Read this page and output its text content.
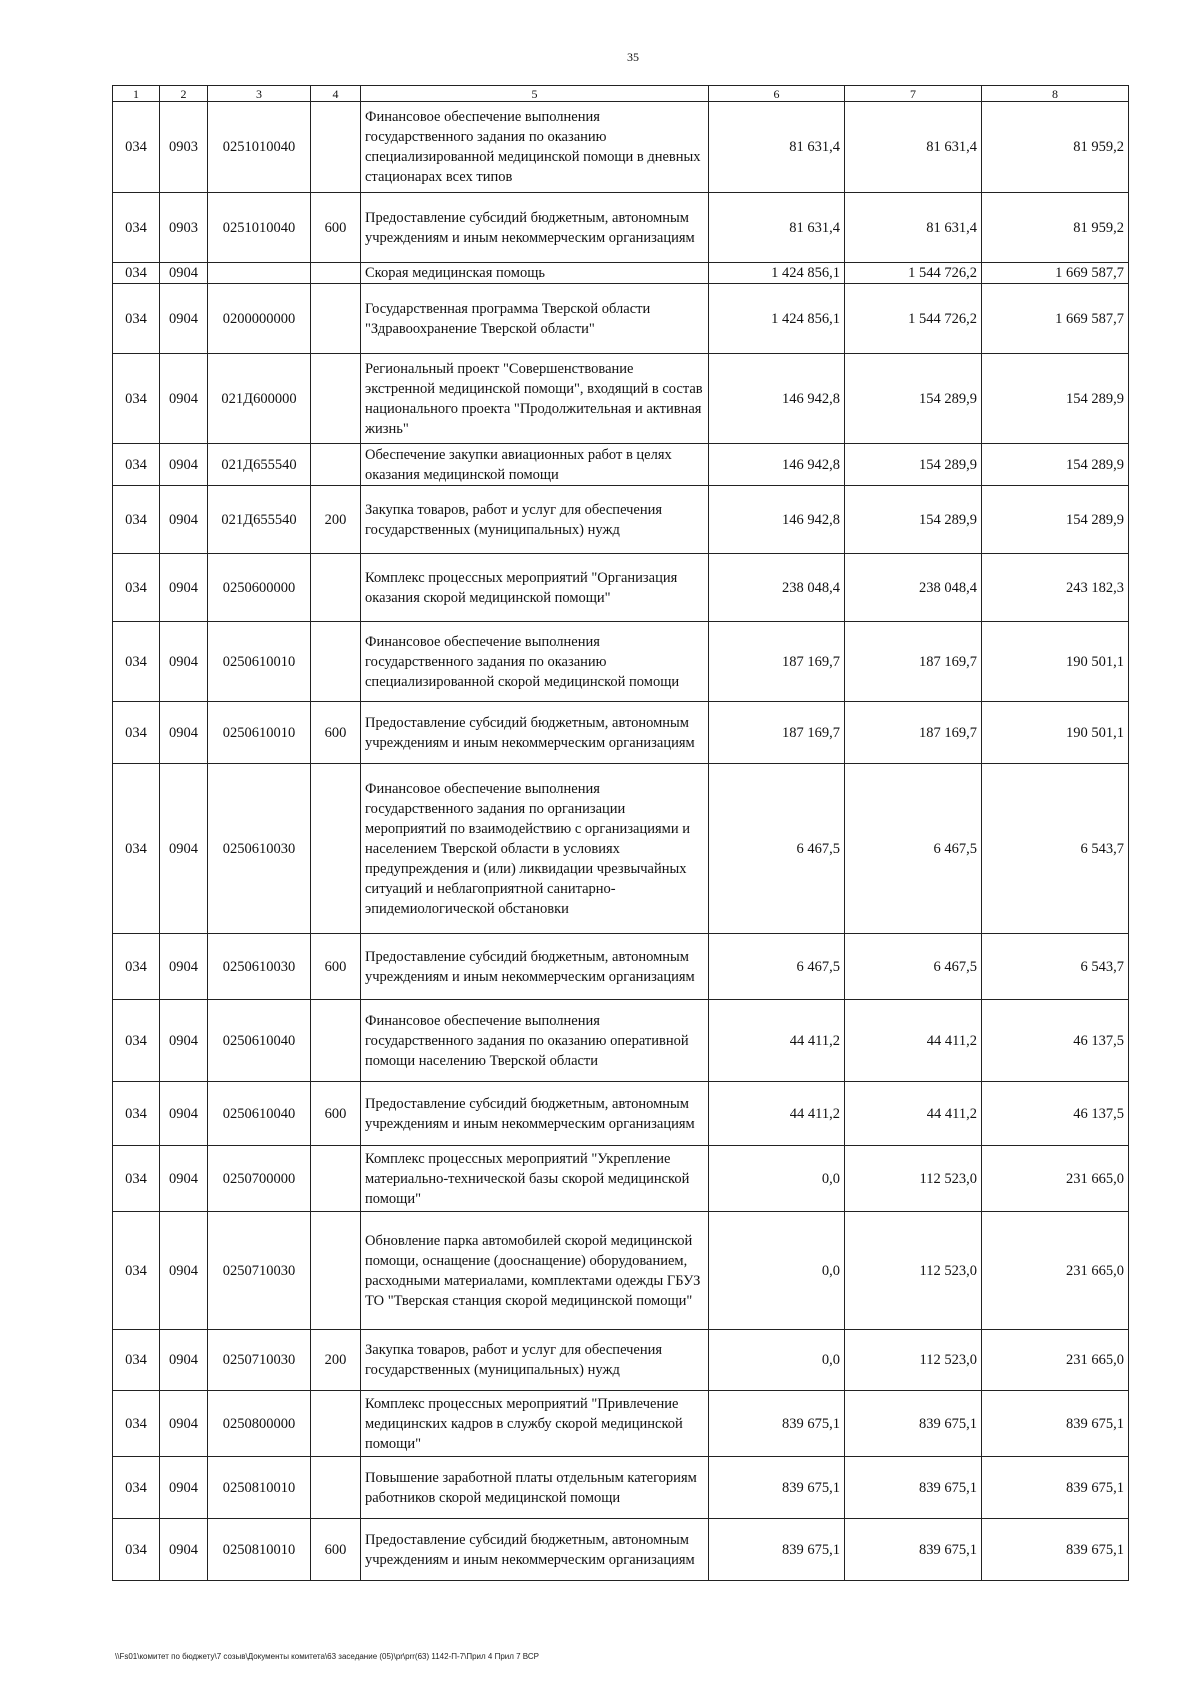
35
1	2	3	4	5	6	7	8
034	0903	0251010040		Финансовое обеспечение выполнения государственного задания по оказанию специализированной медицинской помощи в дневных стационарах всех типов	81 631,4	81 631,4	81 959,2
034	0903	0251010040	600	Предоставление субсидий бюджетным, автономным учреждениям и иным некоммерческим организациям	81 631,4	81 631,4	81 959,2
034	0904			Скорая медицинская помощь	1 424 856,1	1 544 726,2	1 669 587,7
034	0904	0200000000		Государственная программа Тверской области "Здравоохранение Тверской области"	1 424 856,1	1 544 726,2	1 669 587,7
034	0904	021Д600000		Региональный проект "Совершенствование экстренной медицинской помощи", входящий в состав национального проекта "Продолжительная и активная жизнь"	146 942,8	154 289,9	154 289,9
034	0904	021Д655540		Обеспечение закупки авиационных работ в целях оказания медицинской помощи	146 942,8	154 289,9	154 289,9
034	0904	021Д655540	200	Закупка товаров, работ и услуг для обеспечения государственных (муниципальных) нужд	146 942,8	154 289,9	154 289,9
034	0904	0250600000		Комплекс процессных мероприятий "Организация оказания скорой медицинской помощи"	238 048,4	238 048,4	243 182,3
034	0904	0250610010		Финансовое обеспечение выполнения государственного задания по оказанию специализированной скорой медицинской помощи	187 169,7	187 169,7	190 501,1
034	0904	0250610010	600	Предоставление субсидий бюджетным, автономным учреждениям и иным некоммерческим организациям	187 169,7	187 169,7	190 501,1
034	0904	0250610030		Финансовое обеспечение выполнения государственного задания по организации мероприятий по взаимодействию с организациями и населением Тверской области в условиях предупреждения и (или) ликвидации чрезвычайных ситуаций и неблагоприятной санитарно-эпидемиологической обстановки	6 467,5	6 467,5	6 543,7
034	0904	0250610030	600	Предоставление субсидий бюджетным, автономным учреждениям и иным некоммерческим организациям	6 467,5	6 467,5	6 543,7
034	0904	0250610040		Финансовое обеспечение выполнения государственного задания по оказанию оперативной помощи населению Тверской области	44 411,2	44 411,2	46 137,5
034	0904	0250610040	600	Предоставление субсидий бюджетным, автономным учреждениям и иным некоммерческим организациям	44 411,2	44 411,2	46 137,5
034	0904	0250700000		Комплекс процессных мероприятий "Укрепление материально-технической базы скорой медицинской помощи"	0,0	112 523,0	231 665,0
034	0904	0250710030		Обновление парка автомобилей скорой медицинской помощи, оснащение (дооснащение) оборудованием, расходными материалами, комплектами одежды ГБУЗ ТО "Тверская станция скорой медицинской помощи"	0,0	112 523,0	231 665,0
034	0904	0250710030	200	Закупка товаров, работ и услуг для обеспечения государственных (муниципальных) нужд	0,0	112 523,0	231 665,0
034	0904	0250800000		Комплекс процессных мероприятий "Привлечение медицинских кадров в службу скорой медицинской помощи"	839 675,1	839 675,1	839 675,1
034	0904	0250810010		Повышение заработной платы отдельным категориям работников скорой медицинской помощи	839 675,1	839 675,1	839 675,1
034	0904	0250810010	600	Предоставление субсидий бюджетным, автономным учреждениям и иным некоммерческим организациям	839 675,1	839 675,1	839 675,1
\\Fs01\комитет по бюджету\7 созыв\Документы комитета\63 заседание (05)\pr\prr(63) 1142-П-7\Прил 4 Прил 7 ВСР
